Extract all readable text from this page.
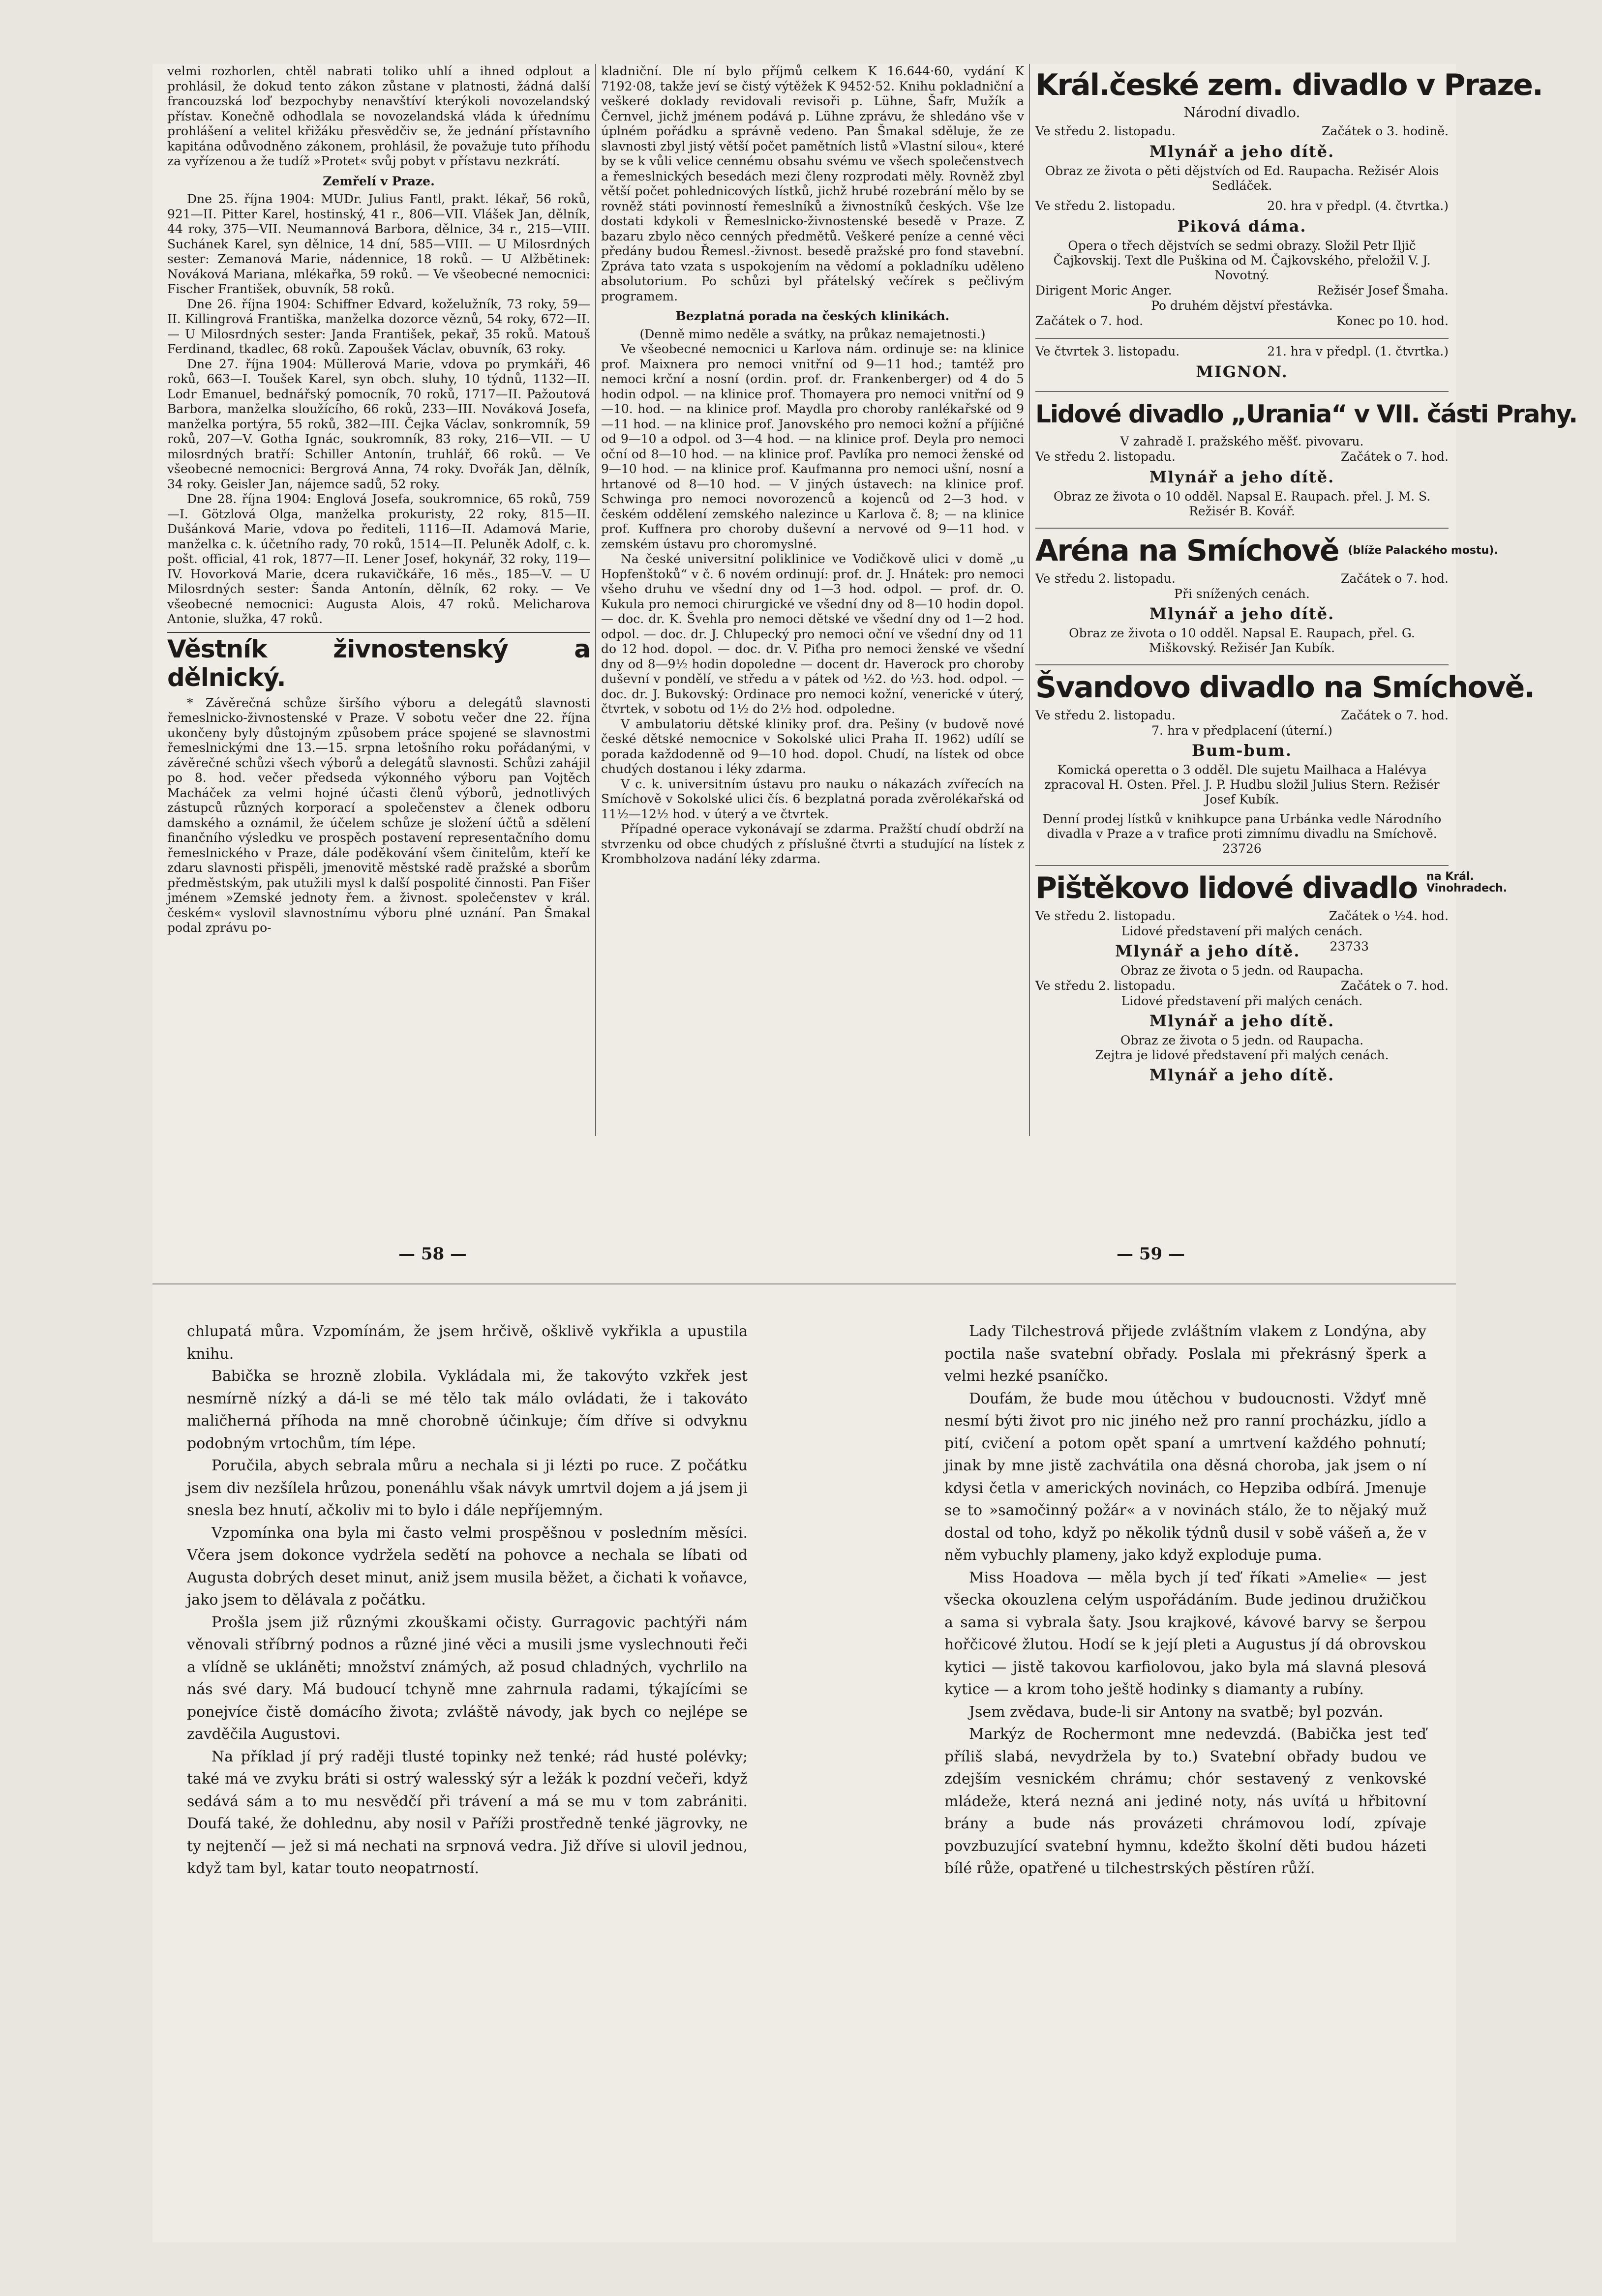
velmi rozhorlen, chtěl nabrati toliko uhlí a ihned odplout a prohlásil, že dokud tento zákon zůstane v platnosti, žádná další francouzská loď bezpochyby nenavštíví kterýkoli novozelandský přístav. Konečně odhodlala se novozelandská vláda k úřednímu prohlášení a velitel křižáku přesvědčiv se, že jednání přístavního kapitána odůvodněno zákonem, prohlásil, že považuje tuto příhodu za vyřízenou a že tudíž »Protet« svůj pobyt v přístavu nezkrátí.

Zemřelí v Praze.

Dne 25. října 1904: MUDr. Julius Fantl, prakt. lékař, 56 roků, 921—II. Pitter Karel, hostinský, 41 r., 806—VII. Vlášek Jan, dělník, 44 roky, 375—VII. Neumannová Barbora, dělnice, 34 r., 215—VIII. Suchánek Karel, syn dělnice, 14 dní, 585—VIII. — U Milosrdných sester: Zemanová Marie, nádennice, 18 roků. — U Alžbětinek: Nováková Mariana, mlékařka, 59 roků. — Ve všeobecné nemocnici: Fischer František, obuvník, 58 roků.

Dne 26. října 1904: Schiffner Edvard, koželužník, 73 roky, 59—II. Killingrová Františka, manželka dozorce věznů, 54 roky, 672—II. — U Milosrdných sester: Janda František, pekař, 35 roků. Matouš Ferdinand, tkadlec, 68 roků. Zapoušek Václav, obuvník, 63 roky.

Dne 27. října 1904: Müllerová Marie, vdova po prymkáři, 46 roků, 663—I. Toušek Karel, syn obch. sluhy, 10 týdnů, 1132—II. Lodr Emanuel, bednářský pomocník, 70 roků, 1717—II. Pažoutová Barbora, manželka sloužícího, 66 roků, 233—III. Nováková Josefa, manželka portýra, 55 roků, 382—III. Čejka Václav, sonkromník, 59 roků, 207—V. Gotha Ignác, soukromník, 83 roky, 216—VII. — U milosrdných bratří: Schiller Antonín, truhlář, 66 roků. — Ve všeobecné nemocnici: Bergrová Anna, 74 roky. Dvořák Jan, dělník, 34 roky. Geisler Jan, nájemce sadů, 52 roky.

Dne 28. října 1904: Englová Josefa, soukromnice, 65 roků, 759—I. Götzlová Olga, manželka prokuristy, 22 roky, 815—II. Dušánková Marie, vdova po řediteli, 1116—II. Adamová Marie, manželka c. k. účetního rady, 70 roků, 1514—II. Peluněk Adolf, c. k. pošt. official, 41 rok, 1877—II. Lener Josef, hokynář, 32 roky, 119—IV. Hovorková Marie, dcera rukavičkáře, 16 měs., 185—V. — U Milosrdných sester: Šanda Antonín, dělník, 62 roky. — Ve všeobecné nemocnici: Augusta Alois, 47 roků. Melicharova Antonie, služka, 47 roků.

Věstník živnostenský a dělnický.

* Závěrečná schůze širšího výboru a delegátů slavnosti řemeslnicko-živnostenské v Praze. V sobotu večer dne 22. října ukončeny byly důstojným způsobem práce spojené se slavnostmi řemeslnickými dne 13.—15. srpna letošního roku pořádanými, v závěrečné schůzi všech výborů a delegátů slavnosti. Schůzi zahájil po 8. hod. večer předseda výkonného výboru pan Vojtěch Macháček za velmi hojné účasti členů výborů, jednotlivých zástupců různých korporací a společenstev a členek odboru damského a oznámil, že účelem schůze je složení účtů a sdělení finančního výsledku ve prospěch postavení representačního domu řemeslnického v Praze, dále poděkování všem činitelům, kteří ke zdaru slavnosti přispěli, jmenovitě městské radě pražské a sborům předměstským, pak utužili mysl k další pospolité činnosti. Pan Fišer jménem »Zemské jednoty řem. a živnost. společenstev v král. českém« vyslovil slavnostnímu výboru plné uznání. Pan Šmakal podal zprávu po-

kladniční. Dle ní bylo příjmů celkem K 16.644·60, vydání K 7192·08, takže jeví se čistý výtěžek K 9452·52. Knihu pokladniční a veškeré doklady revidovali revisoři p. Lühne, Šafr, Mužík a Černvel, jichž jménem podává p. Lühne zprávu, že shledáno vše v úplném pořádku a správně vedeno. Pan Šmakal sděluje, že ze slavnosti zbyl jistý větší počet pamětních listů »Vlastní silou«, které by se k vůli velice cennému obsahu svému ve všech společenstvech a řemeslnických besedách mezi členy rozprodati měly. Rovněž zbyl větší počet pohlednicových lístků, jichž hrubé rozebrání mělo by se rovněž státi povinností řemeslníků a živnostníků českých. Vše lze dostati kdykoli v Řemeslnicko-živnostenské besedě v Praze. Z bazaru zbylo něco cenných předmětů. Veškeré peníze a cenné věci předány budou Řemesl.-živnost. besedě pražské pro fond stavební. Zpráva tato vzata s uspokojením na vědomí a pokladníku uděleno absolutorium. Po schůzi byl přátelský večírek s pečlivým programem.

Bezplatná porada na českých klinikách.

(Denně mimo neděle a svátky, na průkaz nemajetnosti.)

Ve všeobecné nemocnici u Karlova nám. ordinuje se: na klinice prof. Maixnera pro nemoci vnitřní od 9—11 hod.; tamtéž pro nemoci krční a nosní (ordin. prof. dr. Frankenberger) od 4 do 5 hodin odpol. — na klinice prof. Thomayera pro nemoci vnitřní od 9—10. hod. — na klinice prof. Maydla pro choroby ranlékařské od 9—11 hod. — na klinice prof. Janovského pro nemoci kožní a příjičné od 9—10 a odpol. od 3—4 hod. — na klinice prof. Deyla pro nemoci oční od 8—10 hod. — na klinice prof. Pavlíka pro nemoci ženské od 9—10 hod. — na klinice prof. Kaufmanna pro nemoci ušní, nosní a hrtanové od 8—10 hod. — V jiných ústavech: na klinice prof. Schwinga pro nemoci novorozenců a kojenců od 2—3 hod. v českém oddělení zemského nalezince u Karlova č. 8; — na klinice prof. Kuffnera pro choroby duševní a nervové od 9—11 hod. v zemském ústavu pro choromyslné.

Na české universitní poliklinice ve Vodičkově ulici v domě „u Hopfenštoků“ v č. 6 novém ordinují: prof. dr. J. Hnátek: pro nemoci všeho druhu ve všední dny od 1—3 hod. odpol. — prof. dr. O. Kukula pro nemoci chirurgické ve všední dny od 8—10 hodin dopol. — doc. dr. K. Švehla pro nemoci dětské ve všední dny od 1—2 hod. odpol. — doc. dr. J. Chlupecký pro nemoci oční ve všední dny od 11 do 12 hod. dopol. — doc. dr. V. Piťha pro nemoci ženské ve všední dny od 8—9½ hodin dopoledne — docent dr. Haverock pro choroby duševní v pondělí, ve středu a v pátek od ½2. do ½3. hod. odpol. — doc. dr. J. Bukovský: Ordinace pro nemoci kožní, venerické v úterý, čtvrtek, v sobotu od 1½ do 2½ hod. odpoledne.

V ambulatoriu dětské kliniky prof. dra. Pešiny (v budově nové české dětské nemocnice v Sokolské ulici Praha II. 1962) udílí se porada každodenně od 9—10 hod. dopol. Chudí, na lístek od obce chudých dostanou i léky zdarma.

V c. k. universitním ústavu pro nauku o nákazách zvířecích na Smíchově v Sokolské ulici čís. 6 bezplatná porada zvěrolékařská od 11½—12½ hod. v úterý a ve čtvrtek.

Případné operace vykonávají se zdarma. Pražští chudí obdrží na stvrzenku od obce chudých z příslušné čtvrti a studující na lístek z Krombholzova nadání léky zdarma.

Král.české zem. divadlo v Praze.
Národní divadlo.
Ve středu 2. listopadu.	Začátek o 3. hodině.
Mlynář a jeho dítě.
Obraz ze života o pěti dějstvích od Ed. Raupacha. Režisér Alois Sedláček.
Ve středu 2. listopadu.	20. hra v předpl. (4. čtvrtka.)
Piková dáma.
Opera o třech dějstvích se sedmi obrazy. Složil Petr Iljič Čajkovskij. Text dle Puškina od M. Čajkovského, přeložil V. J. Novotný.
Dirigent Moric Anger.	Režisér Josef Šmaha.
Po druhém dějství přestávka.
Začátek o 7. hod.	Konec po 10. hod.
Ve čtvrtek 3. listopadu.	21. hra v předpl. (1. čtvrtka.)
MIGNON.
Lidové divadlo „Urania“ v VII. části Prahy.
V zahradě I. pražského měšť. pivovaru.
Ve středu 2. listopadu.	Začátek o 7. hod.
Mlynář a jeho dítě.
Obraz ze života o 10 odděl. Napsal E. Raupach. přel. J. M. S. Režisér B. Kovář.
Aréna na Smíchově $^{(blíže Palackého mostu).}$
Ve středu 2. listopadu.	Začátek o 7. hod.
Při snížených cenách.
Mlynář a jeho dítě.
Obraz ze života o 10 odděl. Napsal E. Raupach, přel. G. Miškovský. Režisér Jan Kubík.
Švandovo divadlo na Smíchově.
Ve středu 2. listopadu.	Začátek o 7. hod.
7. hra v předplacení (úterní.)
Bum-bum.
Komická operetta o 3 odděl. Dle sujetu Mailhaca a Halévya zpracoval H. Osten. Přel. J. P. Hudbu složil Julius Stern. Režisér Josef Kubík.
Denní prodej lístků v knihkupce pana Urbánka vedle Národního divadla v Praze a v trafice proti zimnímu divadlu na Smíchově. 23726
Pištěkovo lidové divadlo na Král. Vinohradech.
Ve středu 2. listopadu.	Začátek o ½4. hod.
Lidové představení při malých cenách.
Mlynář a jeho dítě. 23733
Obraz ze života o 5 jedn. od Raupacha.
Ve středu 2. listopadu.	Začátek o 7. hod.
Lidové představení při malých cenách.
Mlynář a jeho dítě.
Obraz ze života o 5 jedn. od Raupacha.
Zejtra je lidové představení při malých cenách.
Mlynář a jeho dítě.
— 58 —	— 59 —

chlupatá můra. Vzpomínám, že jsem hrčivě, ošklivě vykřikla a upustila knihu.

Babička se hrozně zlobila. Vykládala mi, že takovýto vzkřek jest nesmírně nízký a dá-li se mé tělo tak málo ovládati, že i takováto maličherná příhoda na mně chorobně účinkuje; čím dříve si odvyknu podobným vrtochům, tím lépe.

Poručila, abych sebrala můru a nechala si ji lézti po ruce. Z počátku jsem div nezšílela hrůzou, ponenáhlu však návyk umrtvil dojem a já jsem ji snesla bez hnutí, ačkoliv mi to bylo i dále nepříjemným.

Vzpomínka ona byla mi často velmi prospěšnou v posledním měsíci. Včera jsem dokonce vydržela sedětí na pohovce a nechala se líbati od Augusta dobrých deset minut, aniž jsem musila běžet, a čichati k voňavce, jako jsem to dělávala z počátku.

Prošla jsem již různými zkouškami očisty. Gurragovic pachtýři nám věnovali stříbrný podnos a různé jiné věci a musili jsme vyslechnouti řeči a vlídně se ukláněti; množství známých, až posud chladných, vychrlilo na nás své dary. Má budoucí tchyně mne zahrnula radami, týkajícími se ponejvíce čistě domácího života; zvláště návody, jak bych co nejlépe se zavděčila Augustovi.

Na příklad jí prý raději tlusté topinky než tenké; rád husté polévky; také má ve zvyku bráti si ostrý walesský sýr a ležák k pozdní večeři, když sedává sám a to mu nesvědčí při trávení a má se mu v tom zabrániti. Doufá také, že dohlednu, aby nosil v Paříži prostředně tenké jägrovky, ne ty nejtenčí — jež si má nechati na srpnová vedra. Již dříve si ulovil jednou, když tam byl, katar touto neopatrností.

Lady Tilchestrová přijede zvláštním vlakem z Londýna, aby poctila naše svatební obřady. Poslala mi překrásný šperk a velmi hezké psaníčko.

Doufám, že bude mou útěchou v budoucnosti. Vždyť mně nesmí býti život pro nic jiného než pro ranní procházku, jídlo a pití, cvičení a potom opět spaní a umrtvení každého pohnutí; jinak by mne jistě zachvátila ona děsná choroba, jak jsem o ní kdysi četla v amerických novinách, co Hepziba odbírá. Jmenuje se to »samočinný požár« a v novinách stálo, že to nějaký muž dostal od toho, když po několik týdnů dusil v sobě vášeň a, že v něm vybuchly plameny, jako když exploduje puma.

Miss Hoadova — měla bych jí teď říkati »Amelie« — jest všecka okouzlena celým uspořádáním. Bude jedinou družičkou a sama si vybrala šaty. Jsou krajkové, kávové barvy se šerpou hořčicové žlutou. Hodí se k její pleti a Augustus jí dá obrovskou kytici — jistě takovou karfiolovou, jako byla má slavná plesová kytice — a krom toho ještě hodinky s diamanty a rubíny.

Jsem zvědava, bude-li sir Antony na svatbě; byl pozván.

Markýz de Rochermont mne nedevzdá. (Babička jest teď příliš slabá, nevydržela by to.) Svatební obřady budou ve zdejším vesnickém chrámu; chór sestavený z venkovské mládeže, která nezná ani jediné noty, nás uvítá u hřbitovní brány a bude nás provázeti chrámovou lodí, zpívaje povzbuzující svatební hymnu, kdežto školní děti budou házeti bílé růže, opatřené u tilchestrských pěstíren růží.
